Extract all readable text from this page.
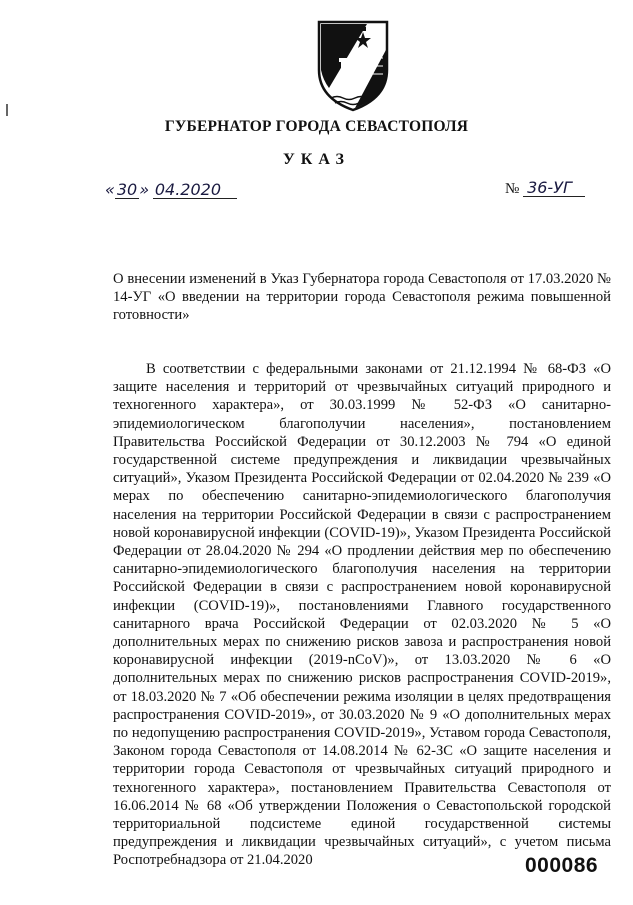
ГУБЕРНАТОР ГОРОДА СЕВАСТОПОЛЯ
УКАЗ
« 30 » 04.2020	№ 36-УГ
О внесении изменений в Указ Губернатора города Севастополя от 17.03.2020 № 14-УГ «О введении на территории города Севастополя режима повышенной готовности»
В соответствии с федеральными законами от 21.12.1994 № 68-ФЗ «О защите населения и территорий от чрезвычайных ситуаций природного и техногенного характера», от 30.03.1999 № 52-ФЗ «О санитарно-эпидемиологическом благополучии населения», постановлением Правительства Российской Федерации от 30.12.2003 № 794 «О единой государственной системе предупреждения и ликвидации чрезвычайных ситуаций», Указом Президента Российской Федерации от 02.04.2020 № 239 «О мерах по обеспечению санитарно-эпидемиологического благополучия населения на территории Российской Федерации в связи с распространением новой коронавирусной инфекции (COVID-19)», Указом Президента Российской Федерации от 28.04.2020 № 294 «О продлении действия мер по обеспечению санитарно-эпидемиологического благополучия населения на территории Российской Федерации в связи с распространением новой коронавирусной инфекции (COVID-19)», постановлениями Главного государственного санитарного врача Российской Федерации от 02.03.2020 № 5 «О дополнительных мерах по снижению рисков завоза и распространения новой коронавирусной инфекции (2019-nCoV)», от 13.03.2020 № 6 «О дополнительных мерах по снижению рисков распространения COVID-2019», от 18.03.2020 № 7 «Об обеспечении режима изоляции в целях предотвращения распространения COVID-2019», от 30.03.2020 № 9 «О дополнительных мерах по недопущению распространения COVID-2019», Уставом города Севастополя, Законом города Севастополя от 14.08.2014 № 62-ЗС «О защите населения и территории города Севастополя от чрезвычайных ситуаций природного и техногенного характера», постановлением Правительства Севастополя от 16.06.2014 № 68 «Об утверждении Положения о Севастопольской городской территориальной подсистеме единой государственной системы предупреждения и ликвидации чрезвычайных ситуаций», с учетом письма Роспотребнадзора от 21.04.2020	000086
